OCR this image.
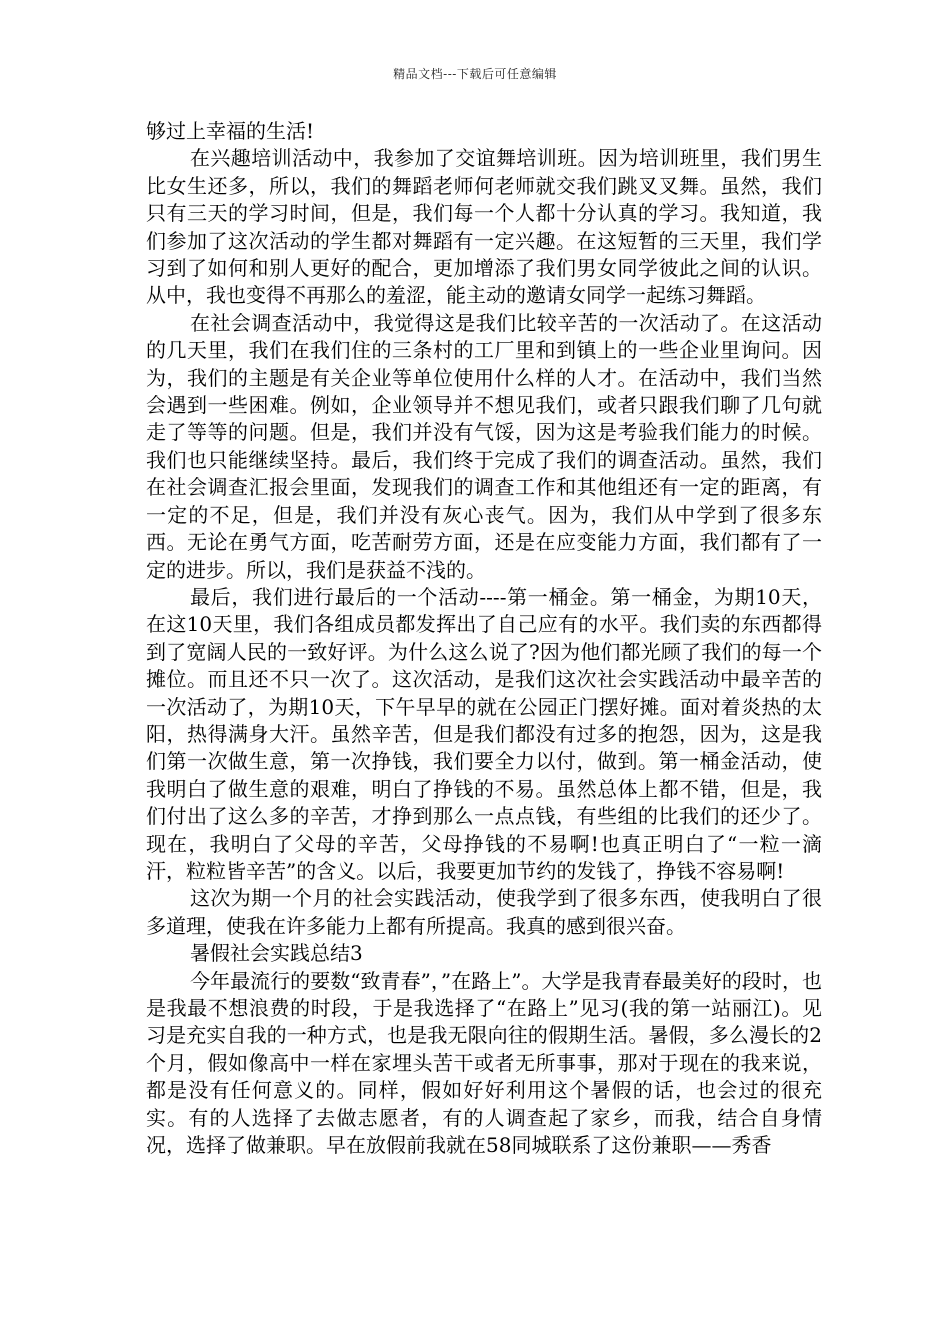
精品文档---下载后可任意编辑

够过上幸福的生活!

在兴趣培训活动中，我参加了交谊舞培训班。因为培训班里，我们男生比女生还多，所以，我们的舞蹈老师何老师就交我们跳叉叉舞。虽然，我们只有三天的学习时间，但是，我们每一个人都十分认真的学习。我知道，我们参加了这次活动的学生都对舞蹈有一定兴趣。在这短暂的三天里，我们学习到了如何和别人更好的配合，更加增添了我们男女同学彼此之间的认识。从中，我也变得不再那么的羞涩，能主动的邀请女同学一起练习舞蹈。

在社会调查活动中，我觉得这是我们比较辛苦的一次活动了。在这活动的几天里，我们在我们住的三条村的工厂里和到镇上的一些企业里询问。因为，我们的主题是有关企业等单位使用什么样的人才。在活动中，我们当然会遇到一些困难。例如，企业领导并不想见我们，或者只跟我们聊了几句就走了等等的问题。但是，我们并没有气馁，因为这是考验我们能力的时候。我们也只能继续坚持。最后，我们终于完成了我们的调查活动。虽然，我们在社会调查汇报会里面，发现我们的调查工作和其他组还有一定的距离，有一定的不足，但是，我们并没有灰心丧气。因为，我们从中学到了很多东西。无论在勇气方面，吃苦耐劳方面，还是在应变能力方面，我们都有了一定的进步。所以，我们是获益不浅的。

最后，我们进行最后的一个活动----第一桶金。第一桶金，为期10天，在这10天里，我们各组成员都发挥出了自己应有的水平。我们卖的东西都得到了宽阔人民的一致好评。为什么这么说了?因为他们都光顾了我们的每一个摊位。而且还不只一次了。这次活动，是我们这次社会实践活动中最辛苦的一次活动了，为期10天，下午早早的就在公园正门摆好摊。面对着炎热的太阳，热得满身大汗。虽然辛苦，但是我们都没有过多的抱怨，因为，这是我们第一次做生意，第一次挣钱，我们要全力以付，做到。第一桶金活动，使我明白了做生意的艰难，明白了挣钱的不易。虽然总体上都不错，但是，我们付出了这么多的辛苦，才挣到那么一点点钱，有些组的比我们的还少了。现在，我明白了父母的辛苦，父母挣钱的不易啊!也真正明白了“一粒一滴汗，粒粒皆辛苦”的含义。以后，我要更加节约的发钱了，挣钱不容易啊!

这次为期一个月的社会实践活动，使我学到了很多东西，使我明白了很多道理，使我在许多能力上都有所提高。我真的感到很兴奋。

暑假社会实践总结3

今年最流行的要数“致青春”，”在路上”。大学是我青春最美好的段时，也是我最不想浪费的时段，于是我选择了“在路上”见习(我的第一站丽江)。见习是充实自我的一种方式，也是我无限向往的假期生活。暑假，多么漫长的2个月，假如像高中一样在家埋头苦干或者无所事事，那对于现在的我来说，都是没有任何意义的。同样，假如好好利用这个暑假的话，也会过的很充实。有的人选择了去做志愿者，有的人调查起了家乡，而我，结合自身情况，选择了做兼职。早在放假前我就在58同城联系了这份兼职——秀香
